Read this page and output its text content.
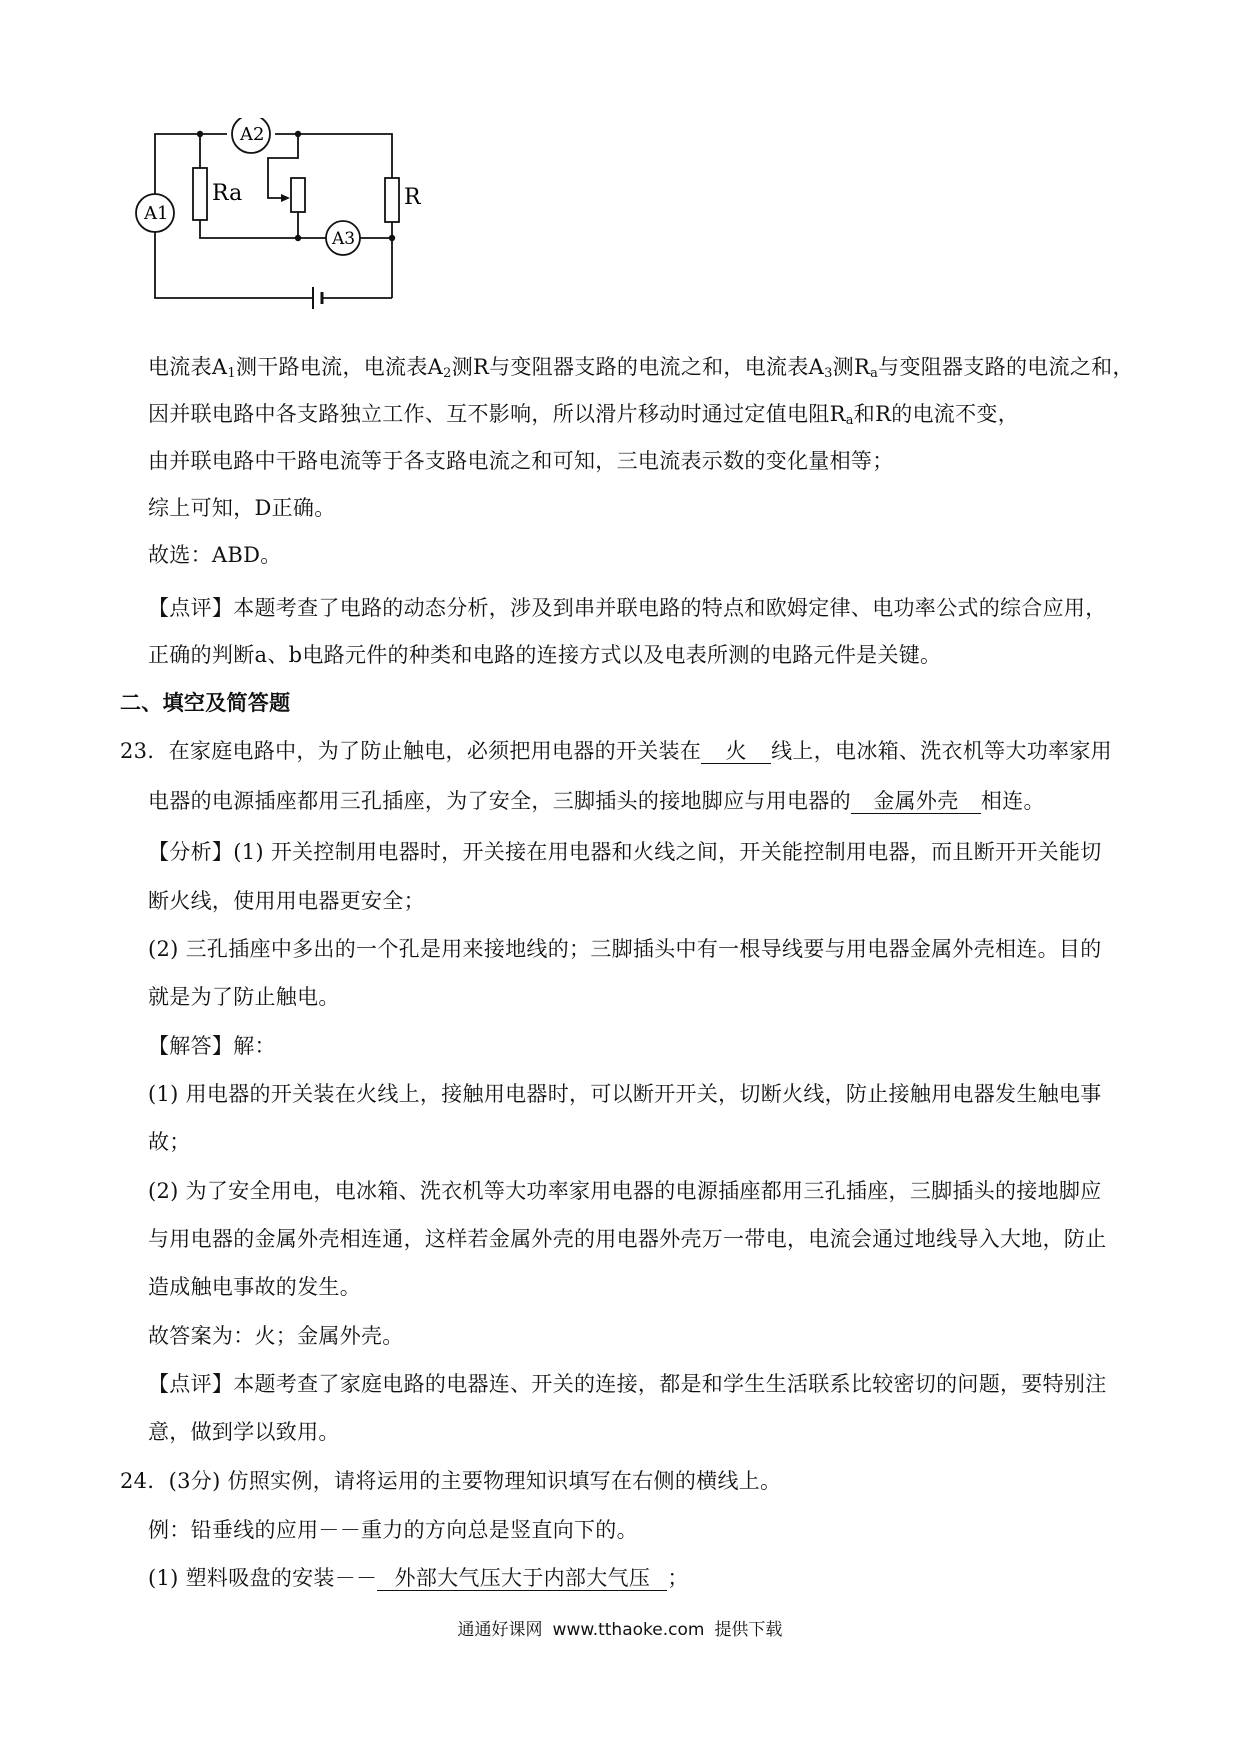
A1
A2
A3
Ra	R
电流表$A_1$测干路电流，电流表$A_2$测R与变阻器支路的电流之和，电流表$A_3$测$R_a$与变阻器支路的电流之和，
因并联电路中各支路独立工作、互不影响，所以滑片移动时通过定值电阻$R_a$和R的电流不变，
由并联电路中干路电流等于各支路电流之和可知，三电流表示数的变化量相等；
综上可知，D正确。
故选：ABD。
【点评】本题考查了电路的动态分析，涉及到串并联电路的特点和欧姆定律、电功率公式的综合应用，
正确的判断a、b电路元件的种类和电路的连接方式以及电表所测的电路元件是关键。
二、填空及简答题
23．在家庭电路中，为了防止触电，必须把用电器的开关装在 火 线上，电冰箱、洗衣机等大功率家用
电器的电源插座都用三孔插座，为了安全，三脚插头的接地脚应与用电器的 金属外壳 相连。
【分析】(1) 开关控制用电器时，开关接在用电器和火线之间，开关能控制用电器，而且断开开关能切
断火线，使用用电器更安全；
(2) 三孔插座中多出的一个孔是用来接地线的；三脚插头中有一根导线要与用电器金属外壳相连。目的
就是为了防止触电。
【解答】解：
(1) 用电器的开关装在火线上，接触用电器时，可以断开开关，切断火线，防止接触用电器发生触电事
故；
(2) 为了安全用电，电冰箱、洗衣机等大功率家用电器的电源插座都用三孔插座，三脚插头的接地脚应
与用电器的金属外壳相连通，这样若金属外壳的用电器外壳万一带电，电流会通过地线导入大地，防止
造成触电事故的发生。
故答案为：火；金属外壳。
【点评】本题考查了家庭电路的电器连、开关的连接，都是和学生生活联系比较密切的问题，要特别注
意，做到学以致用。
24．(3分) 仿照实例，请将运用的主要物理知识填写在右侧的横线上。
例：铅垂线的应用－－重力的方向总是竖直向下的。
(1) 塑料吸盘的安装－－ 外部大气压大于内部大气压 ；
通通好课网 www.tthaoke.com 提供下载
